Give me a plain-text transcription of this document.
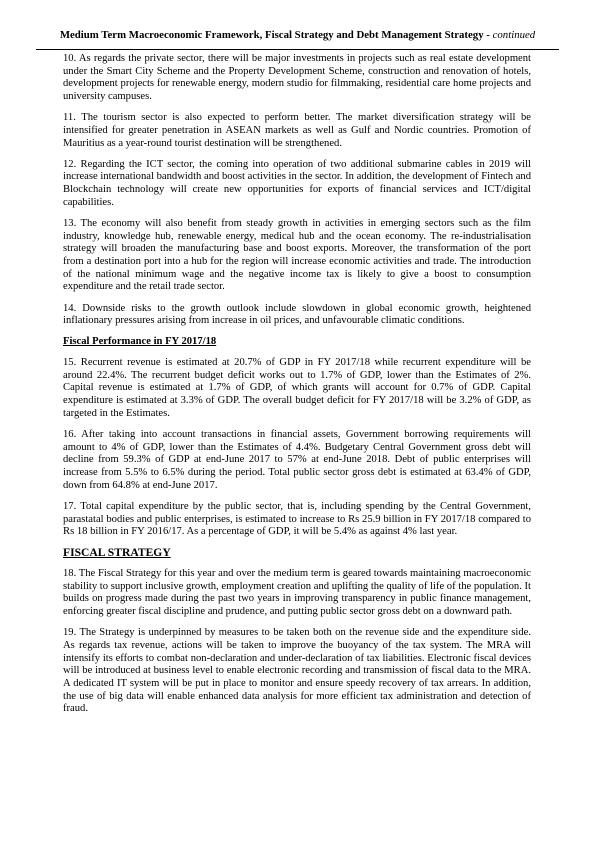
Medium Term Macroeconomic Framework, Fiscal Strategy and Debt Management Strategy - continued

10. As regards the private sector, there will be major investments in projects such as real estate development under the Smart City Scheme and the Property Development Scheme, construction and renovation of hotels, development projects for renewable energy, modern studio for filmmaking, residential care home projects and university campuses.

11. The tourism sector is also expected to perform better. The market diversification strategy will be intensified for greater penetration in ASEAN markets as well as Gulf and Nordic countries. Promotion of Mauritius as a year-round tourist destination will be strengthened.

12. Regarding the ICT sector, the coming into operation of two additional submarine cables in 2019 will increase international bandwidth and boost activities in the sector. In addition, the development of Fintech and Blockchain technology will create new opportunities for exports of financial services and ICT/digital capabilities.

13. The economy will also benefit from steady growth in activities in emerging sectors such as the film industry, knowledge hub, renewable energy, medical hub and the ocean economy. The re-industrialisation strategy will broaden the manufacturing base and boost exports. Moreover, the transformation of the port from a destination port into a hub for the region will increase economic activities and trade. The introduction of the national minimum wage and the negative income tax is likely to give a boost to consumption expenditure and the retail trade sector.

14. Downside risks to the growth outlook include slowdown in global economic growth, heightened inflationary pressures arising from increase in oil prices, and unfavourable climatic conditions.

Fiscal Performance in FY 2017/18

15. Recurrent revenue is estimated at 20.7% of GDP in FY 2017/18 while recurrent expenditure will be around 22.4%. The recurrent budget deficit works out to 1.7% of GDP, lower than the Estimates of 2%. Capital revenue is estimated at 1.7% of GDP, of which grants will account for 0.7% of GDP. Capital expenditure is estimated at 3.3% of GDP. The overall budget deficit for FY 2017/18 will be 3.2% of GDP, as targeted in the Estimates.

16. After taking into account transactions in financial assets, Government borrowing requirements will amount to 4% of GDP, lower than the Estimates of 4.4%. Budgetary Central Government gross debt will decline from 59.3% of GDP at end-June 2017 to 57% at end-June 2018. Debt of public enterprises will increase from 5.5% to 6.5% during the period. Total public sector gross debt is estimated at 63.4% of GDP, down from 64.8% at end-June 2017.

17. Total capital expenditure by the public sector, that is, including spending by the Central Government, parastatal bodies and public enterprises, is estimated to increase to Rs 25.9 billion in FY 2017/18 compared to Rs 18 billion in FY 2016/17. As a percentage of GDP, it will be 5.4% as against 4% last year.

FISCAL STRATEGY

18. The Fiscal Strategy for this year and over the medium term is geared towards maintaining macroeconomic stability to support inclusive growth, employment creation and uplifting the quality of life of the population. It builds on progress made during the past two years in improving transparency in public finance management, enforcing greater fiscal discipline and prudence, and putting public sector gross debt on a downward path.

19. The Strategy is underpinned by measures to be taken both on the revenue side and the expenditure side. As regards tax revenue, actions will be taken to improve the buoyancy of the tax system. The MRA will intensify its efforts to combat non-declaration and under-declaration of tax liabilities. Electronic fiscal devices will be introduced at business level to enable electronic recording and transmission of fiscal data to the MRA. A dedicated IT system will be put in place to monitor and ensure speedy recovery of tax arrears. In addition, the use of big data will enable enhanced data analysis for more efficient tax administration and detection of fraud.
